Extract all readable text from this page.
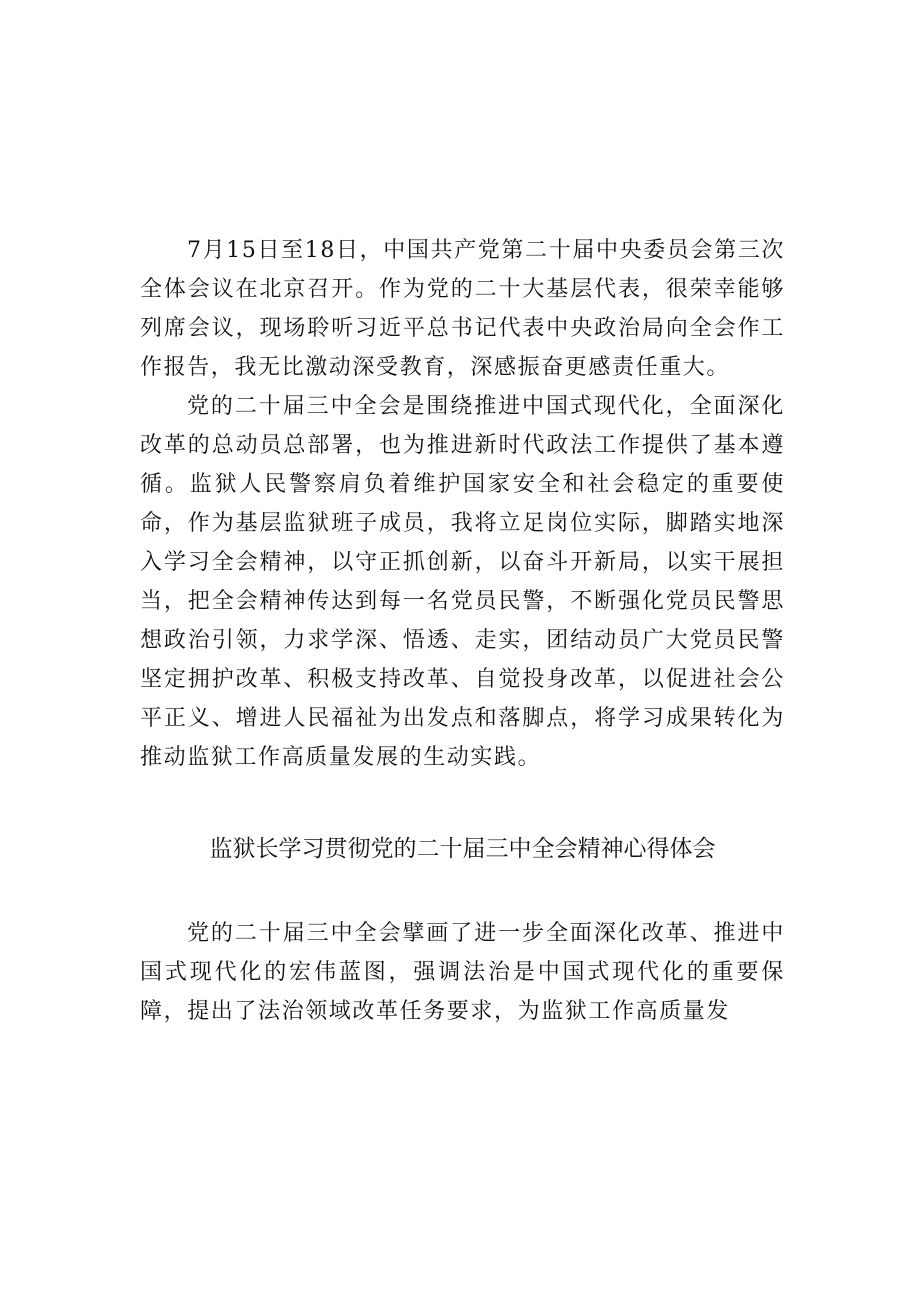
7月15日至18日，中国共产党第二十届中央委员会第三次全体会议在北京召开。作为党的二十大基层代表，很荣幸能够列席会议，现场聆听习近平总书记代表中央政治局向全会作工作报告，我无比激动深受教育，深感振奋更感责任重大。

党的二十届三中全会是围绕推进中国式现代化，全面深化改革的总动员总部署，也为推进新时代政法工作提供了基本遵循。监狱人民警察肩负着维护国家安全和社会稳定的重要使命，作为基层监狱班子成员，我将立足岗位实际，脚踏实地深入学习全会精神，以守正抓创新，以奋斗开新局，以实干展担当，把全会精神传达到每一名党员民警，不断强化党员民警思想政治引领，力求学深、悟透、走实，团结动员广大党员民警坚定拥护改革、积极支持改革、自觉投身改革，以促进社会公平正义、增进人民福祉为出发点和落脚点，将学习成果转化为推动监狱工作高质量发展的生动实践。

监狱长学习贯彻党的二十届三中全会精神心得体会

党的二十届三中全会擘画了进一步全面深化改革、推进中国式现代化的宏伟蓝图，强调法治是中国式现代化的重要保障，提出了法治领域改革任务要求，为监狱工作高质量发
